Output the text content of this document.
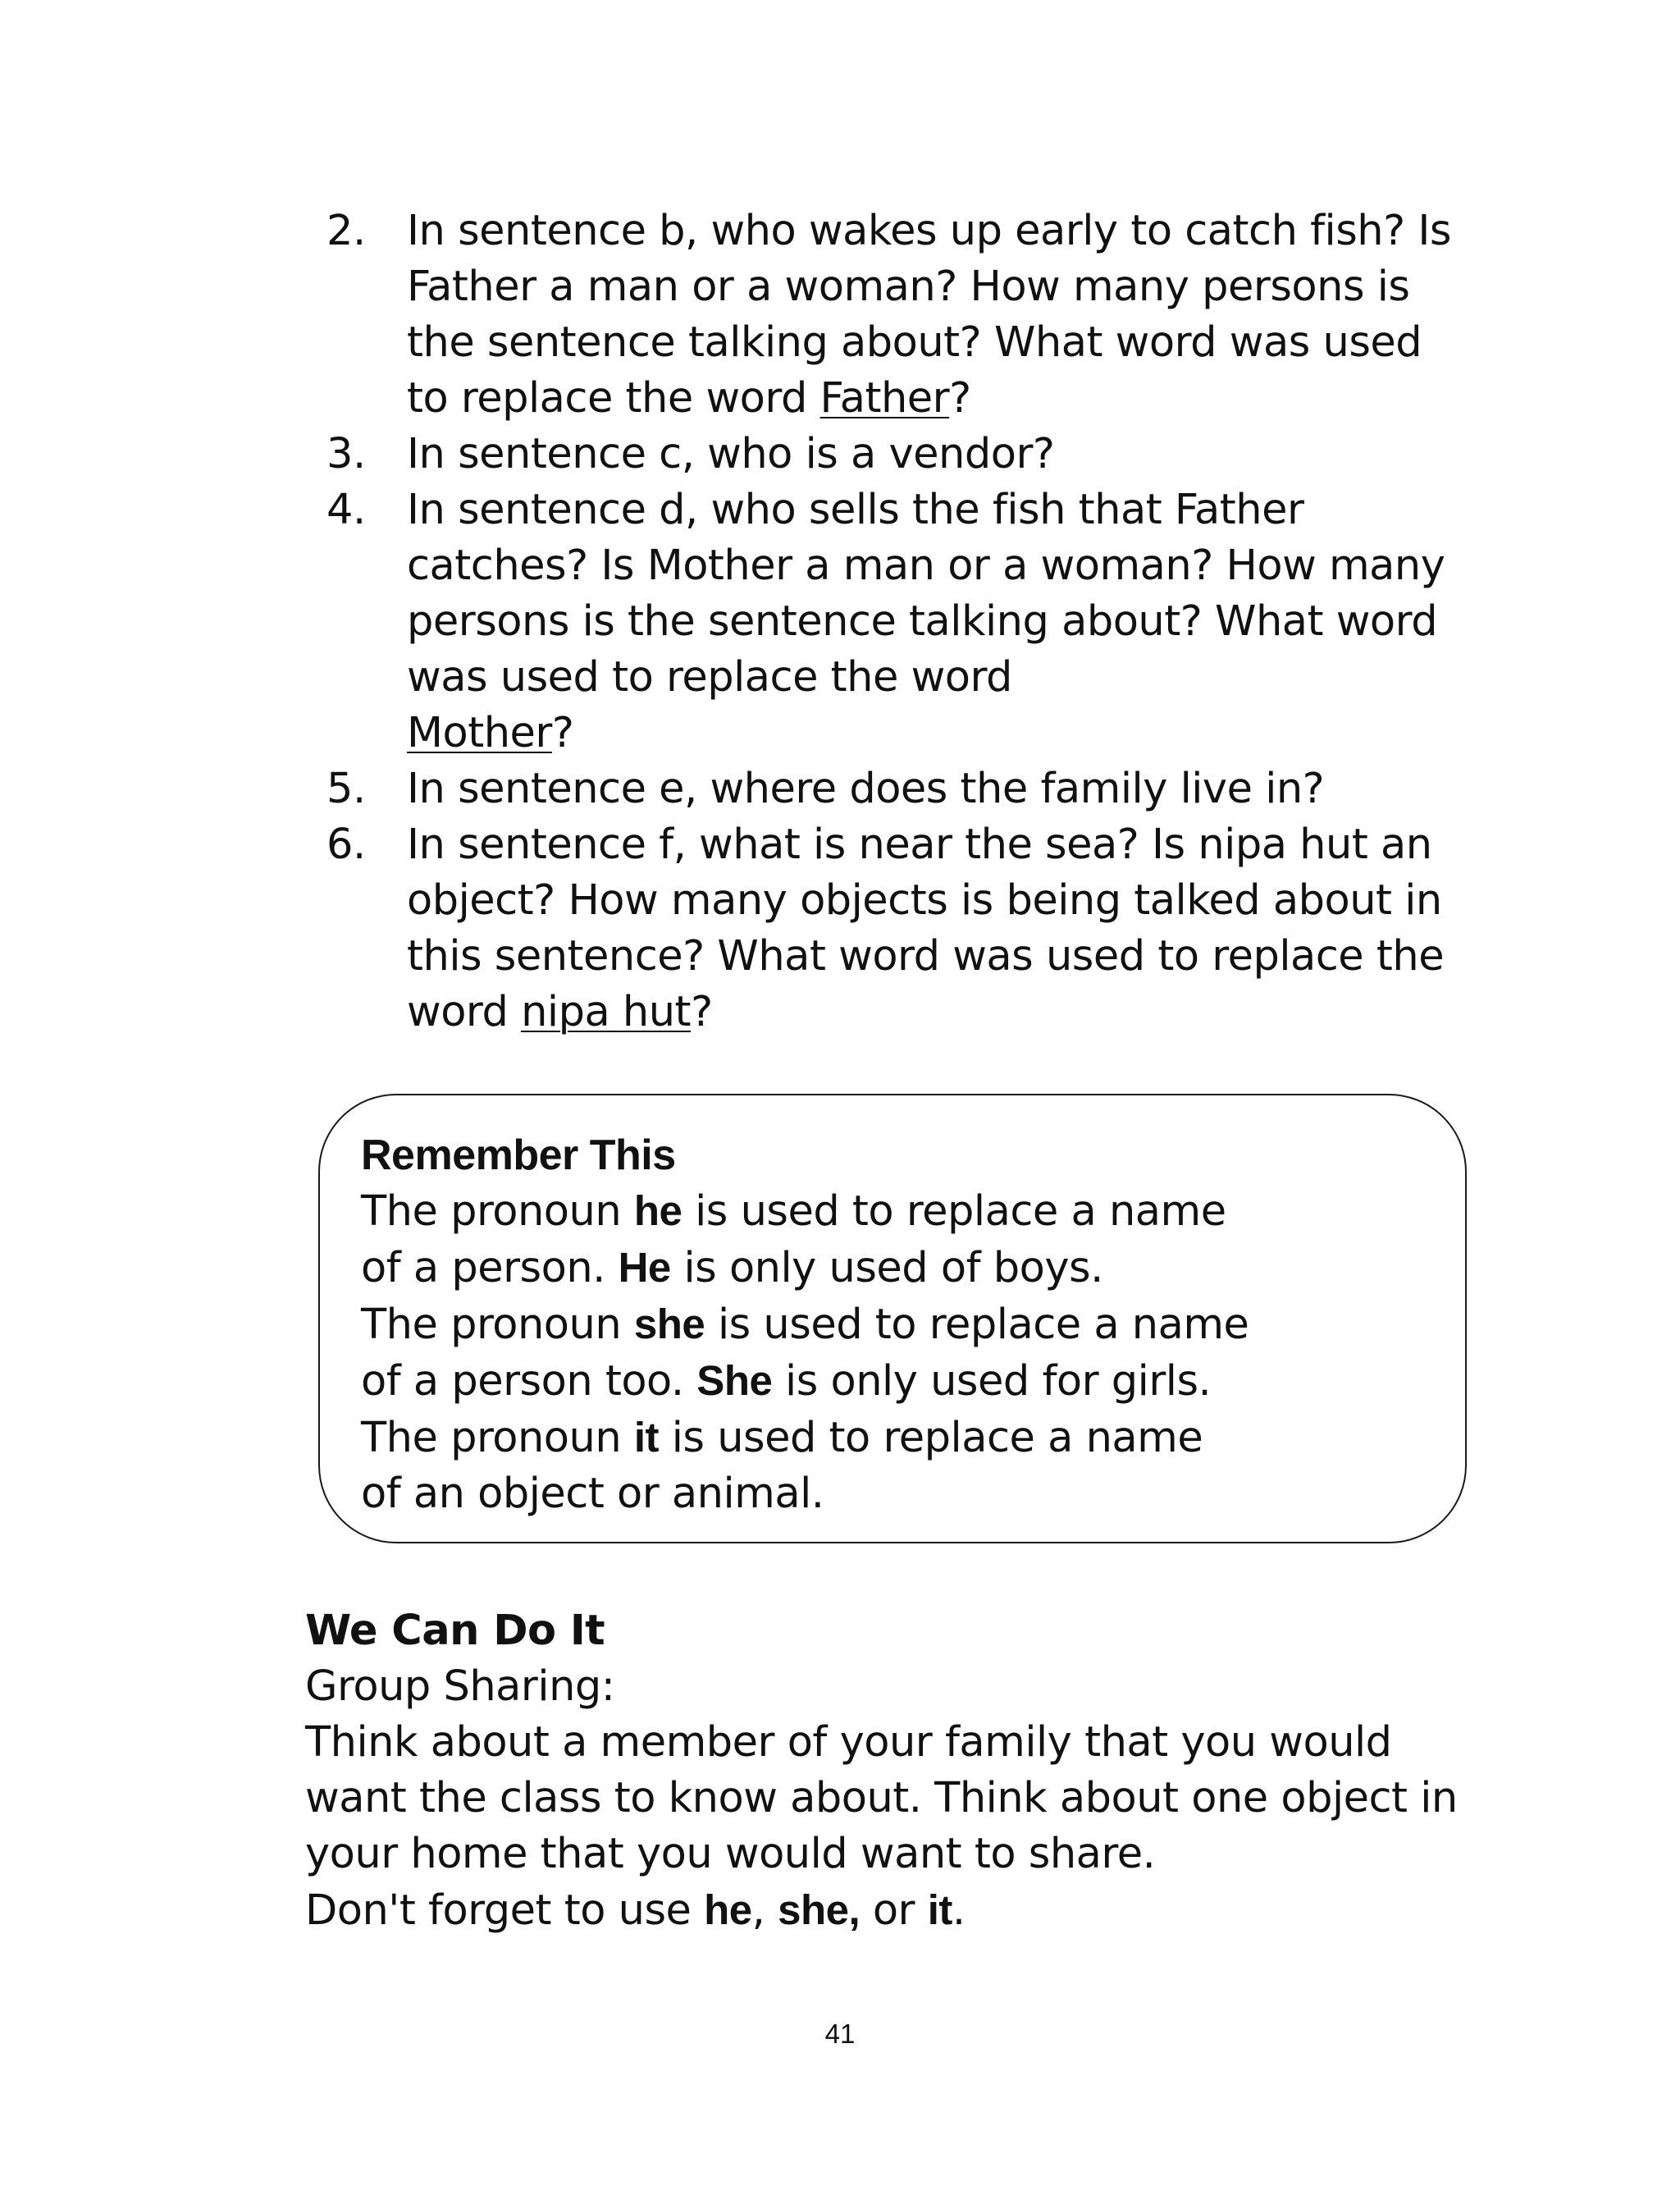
2. In sentence b, who wakes up early to catch fish? Is Father a man or a woman? How many persons is the sentence talking about? What word was used to replace the word Father?
3. In sentence c, who is a vendor?
4. In sentence d, who sells the fish that Father catches? Is Mother a man or a woman? How many persons is the sentence talking about? What word was used to replace the word
Mother?
5. In sentence e, where does the family live in?
6. In sentence f, what is near the sea? Is nipa hut an object? How many objects is being talked about in this sentence? What word was used to replace the word nipa hut?
Remember This
The pronoun he is used to replace a name
of a person. He is only used of boys.
The pronoun she is used to replace a name
of a person too. She is only used for girls.
The pronoun it is used to replace a name
of an object or animal.
We Can Do It
Group Sharing:
Think about a member of your family that you would want the class to know about. Think about one object in your home that you would want to share.
Don't forget to use he, she, or it.
41
